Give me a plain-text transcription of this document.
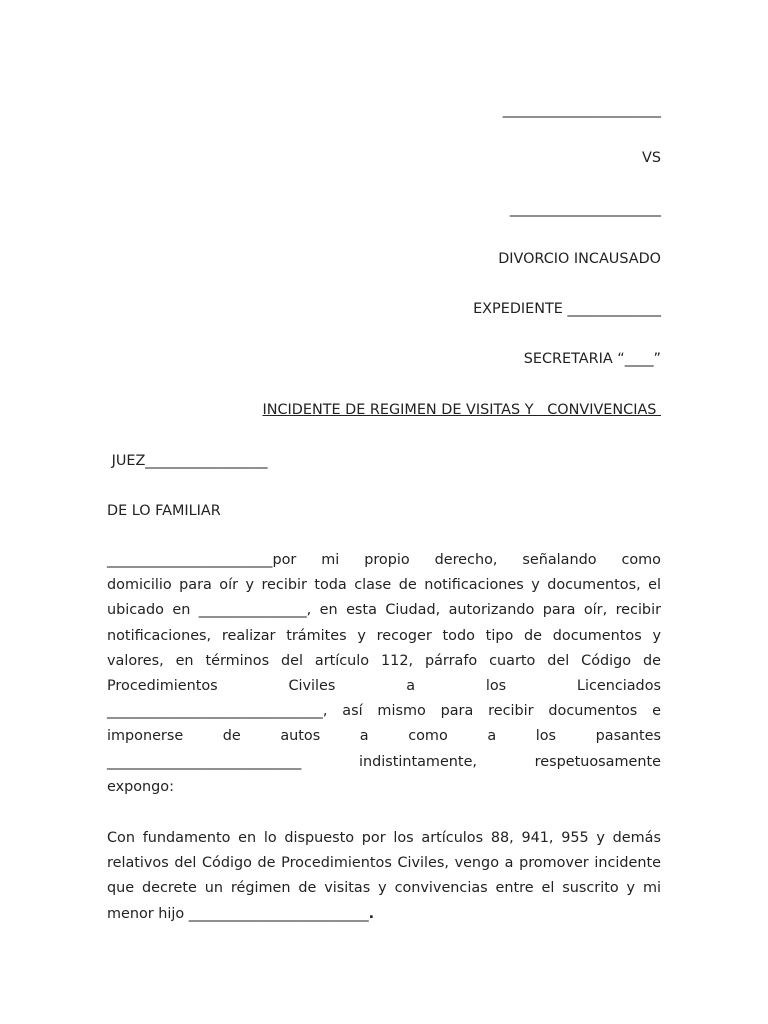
______________________
VS
_____________________
DIVORCIO INCAUSADO
EXPEDIENTE _____________
SECRETARIA “____”
INCIDENTE DE REGIMEN DE VISITAS Y   CONVIVENCIAS
JUEZ_________________
DE LO FAMILIAR
_______________________por mi propio derecho, señalando como
domicilio para oír y recibir toda clase de notificaciones y documentos, el
ubicado en _______________, en esta Ciudad, autorizando para oír, recibir
notificaciones, realizar trámites y recoger todo tipo de documentos y
valores, en términos del artículo 112, párrafo cuarto del Código de
Procedimientos Civiles a los Licenciados
______________________________, así mismo para recibir documentos e
imponerse de autos a como a los pasantes
___________________________ indistintamente, respetuosamente
expongo:
Con fundamento en lo dispuesto por los artículos 88, 941, 955 y demás
relativos del Código de Procedimientos Civiles, vengo a promover incidente
que decrete un régimen de visitas y convivencias entre el suscrito y mi
menor hijo _________________________.
